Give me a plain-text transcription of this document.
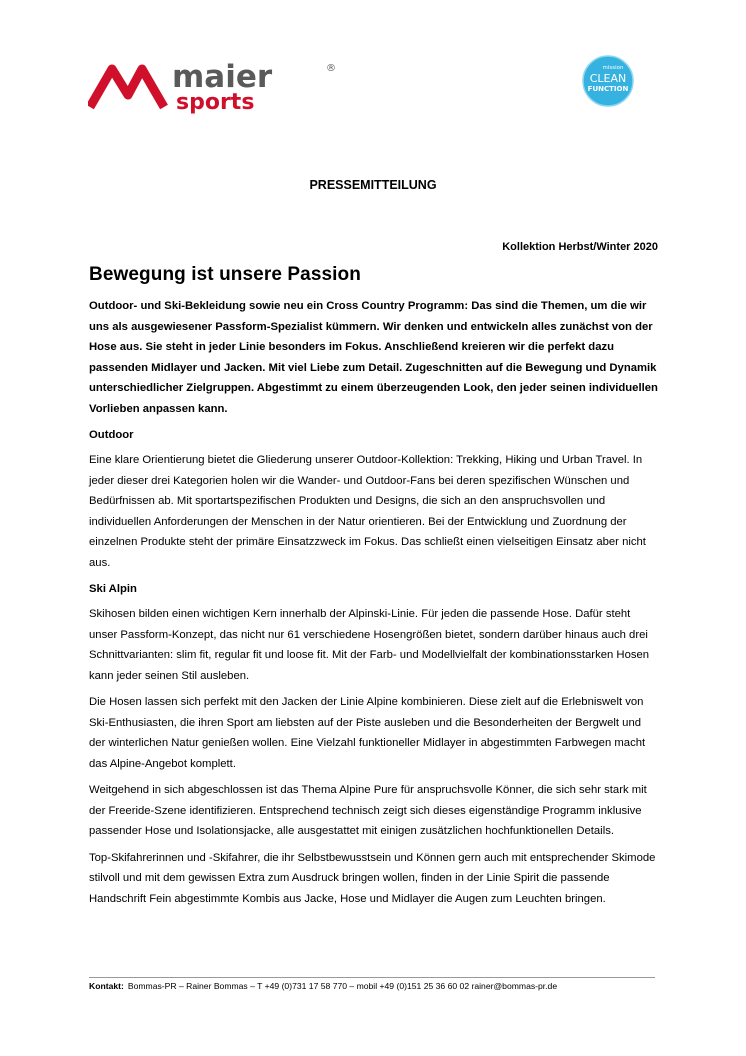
maier	®
sports
mission
CLEAN
FUNCTION
PRESSEMITTEILUNG
Kollektion Herbst/Winter 2020
Bewegung ist unsere Passion

Outdoor- und Ski-Bekleidung sowie neu ein Cross Country Programm: Das sind die Themen, um die wir uns als ausgewiesener Passform-Spezialist kümmern. Wir denken und entwickeln alles zunächst von der Hose aus. Sie steht in jeder Linie besonders im Fokus. Anschließend kreieren wir die perfekt dazu passenden Midlayer und Jacken. Mit viel Liebe zum Detail. Zugeschnitten auf die Bewegung und Dynamik unterschiedlicher Zielgruppen. Abgestimmt zu einem überzeugenden Look, den jeder seinen individuellen Vorlieben anpassen kann.

Outdoor

Eine klare Orientierung bietet die Gliederung unserer Outdoor-Kollektion: Trekking, Hiking und Urban Travel. In jeder dieser drei Kategorien holen wir die Wander- und Outdoor-Fans bei deren spezifischen Wünschen und Bedürfnissen ab. Mit sportartspezifischen Produkten und Designs, die sich an den anspruchsvollen und individuellen Anforderungen der Menschen in der Natur orientieren. Bei der Entwicklung und Zuordnung der einzelnen Produkte steht der primäre Einsatzzweck im Fokus. Das schließt einen vielseitigen Einsatz aber nicht aus.

Ski Alpin

Skihosen bilden einen wichtigen Kern innerhalb der Alpinski-Linie. Für jeden die passende Hose. Dafür steht unser Passform-Konzept, das nicht nur 61 verschiedene Hosengrößen bietet, sondern darüber hinaus auch drei Schnittvarianten: slim fit, regular fit und loose fit. Mit der Farb- und Modellvielfalt der kombinationsstarken Hosen kann jeder seinen Stil ausleben.

Die Hosen lassen sich perfekt mit den Jacken der Linie Alpine kombinieren. Diese zielt auf die Erlebniswelt von Ski-Enthusiasten, die ihren Sport am liebsten auf der Piste ausleben und die Besonderheiten der Bergwelt und der winterlichen Natur genießen wollen. Eine Vielzahl funktioneller Midlayer in abgestimmten Farbwegen macht das Alpine-Angebot komplett.

Weitgehend in sich abgeschlossen ist das Thema Alpine Pure für anspruchsvolle Könner, die sich sehr stark mit der Freeride-Szene identifizieren. Entsprechend technisch zeigt sich dieses eigenständige Programm inklusive passender Hose und Isolationsjacke, alle ausgestattet mit einigen zusätzlichen hochfunktionellen Details.

Top-Skifahrerinnen und -Skifahrer, die ihr Selbstbewusstsein und Können gern auch mit entsprechender Skimode stilvoll und mit dem gewissen Extra zum Ausdruck bringen wollen, finden in der Linie Spirit die passende Handschrift Fein abgestimmte Kombis aus Jacke, Hose und Midlayer die Augen zum Leuchten bringen.

Kontakt: Bommas-PR – Rainer Bommas – T +49 (0)731 17 58 770 – mobil +49 (0)151 25 36 60 02 rainer@bommas-pr.de
